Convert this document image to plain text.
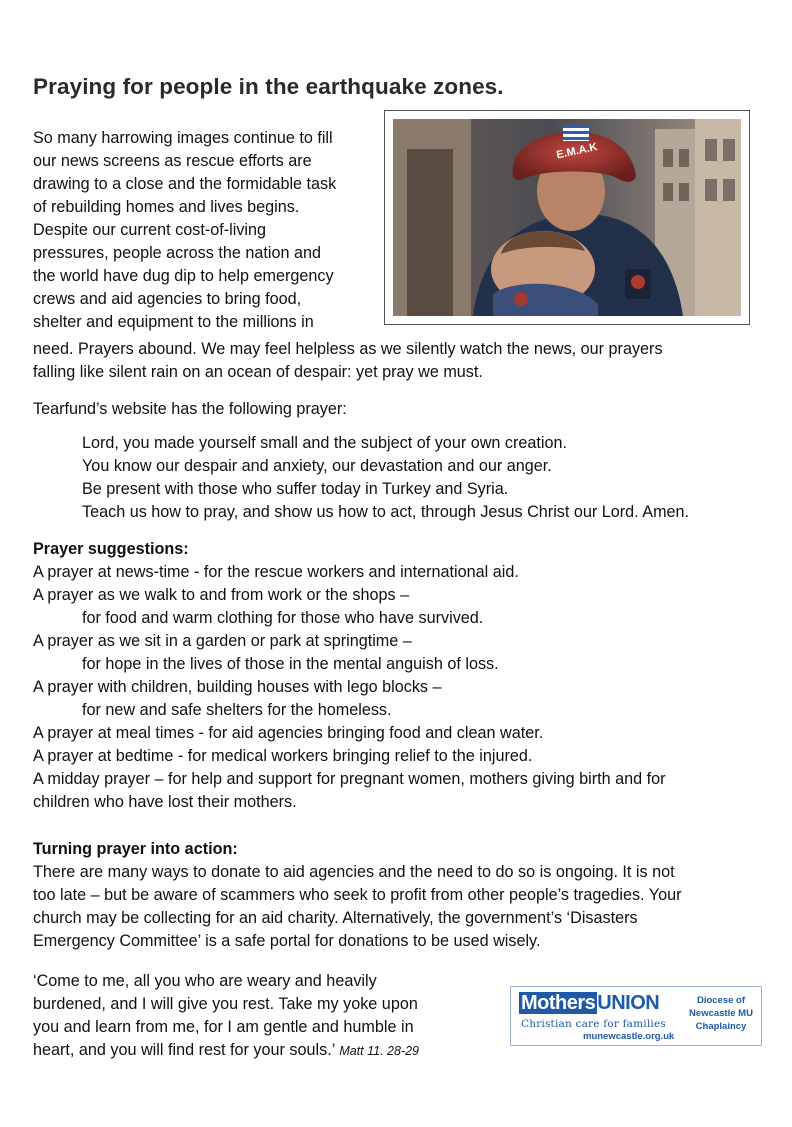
Praying for people in the earthquake zones.

So many harrowing images continue to fill

our news screens as rescue efforts are

drawing to a close and the formidable task

of rebuilding homes and lives begins.

Despite our current cost-of-living

pressures, people across the nation and

the world have dug dip to help emergency

crews and aid agencies to bring food,

shelter and equipment to the millions in

E.M.A.K

need. Prayers abound. We may feel helpless as we silently watch the news, our prayers

falling like silent rain on an ocean of despair: yet pray we must.

Tearfund’s website has the following prayer:

Lord, you made yourself small and the subject of your own creation.

You know our despair and anxiety, our devastation and our anger.

Be present with those who suffer today in Turkey and Syria.

Teach us how to pray, and show us how to act, through Jesus Christ our Lord. Amen.

Prayer suggestions:

A prayer at news-time - for the rescue workers and international aid.

A prayer as we walk to and from work or the shops –

for food and warm clothing for those who have survived.

A prayer as we sit in a garden or park at springtime –

for hope in the lives of those in the mental anguish of loss.

A prayer with children, building houses with lego blocks –

for new and safe shelters for the homeless.

A prayer at meal times - for aid agencies bringing food and clean water.

A prayer at bedtime - for medical workers bringing relief to the injured.

A midday prayer – for help and support for pregnant women, mothers giving birth and for

children who have lost their mothers.

Turning prayer into action:

There are many ways to donate to aid agencies and the need to do so is ongoing. It is not

too late – but be aware of scammers who seek to profit from other people’s tragedies. Your

church may be collecting for an aid charity. Alternatively, the government’s ‘Disasters

Emergency Committee’ is a safe portal for donations to be used wisely.

‘Come to me, all you who are weary and heavily

burdened, and I will give you rest. Take my yoke upon

you and learn from me, for I am gentle and humble in

heart, and you will find rest for your souls.’ Matt 11. 28-29

Mothers UNION
Christian care for families
munewcastle.org.uk
Diocese of
Newcastle MU
Chaplaincy
